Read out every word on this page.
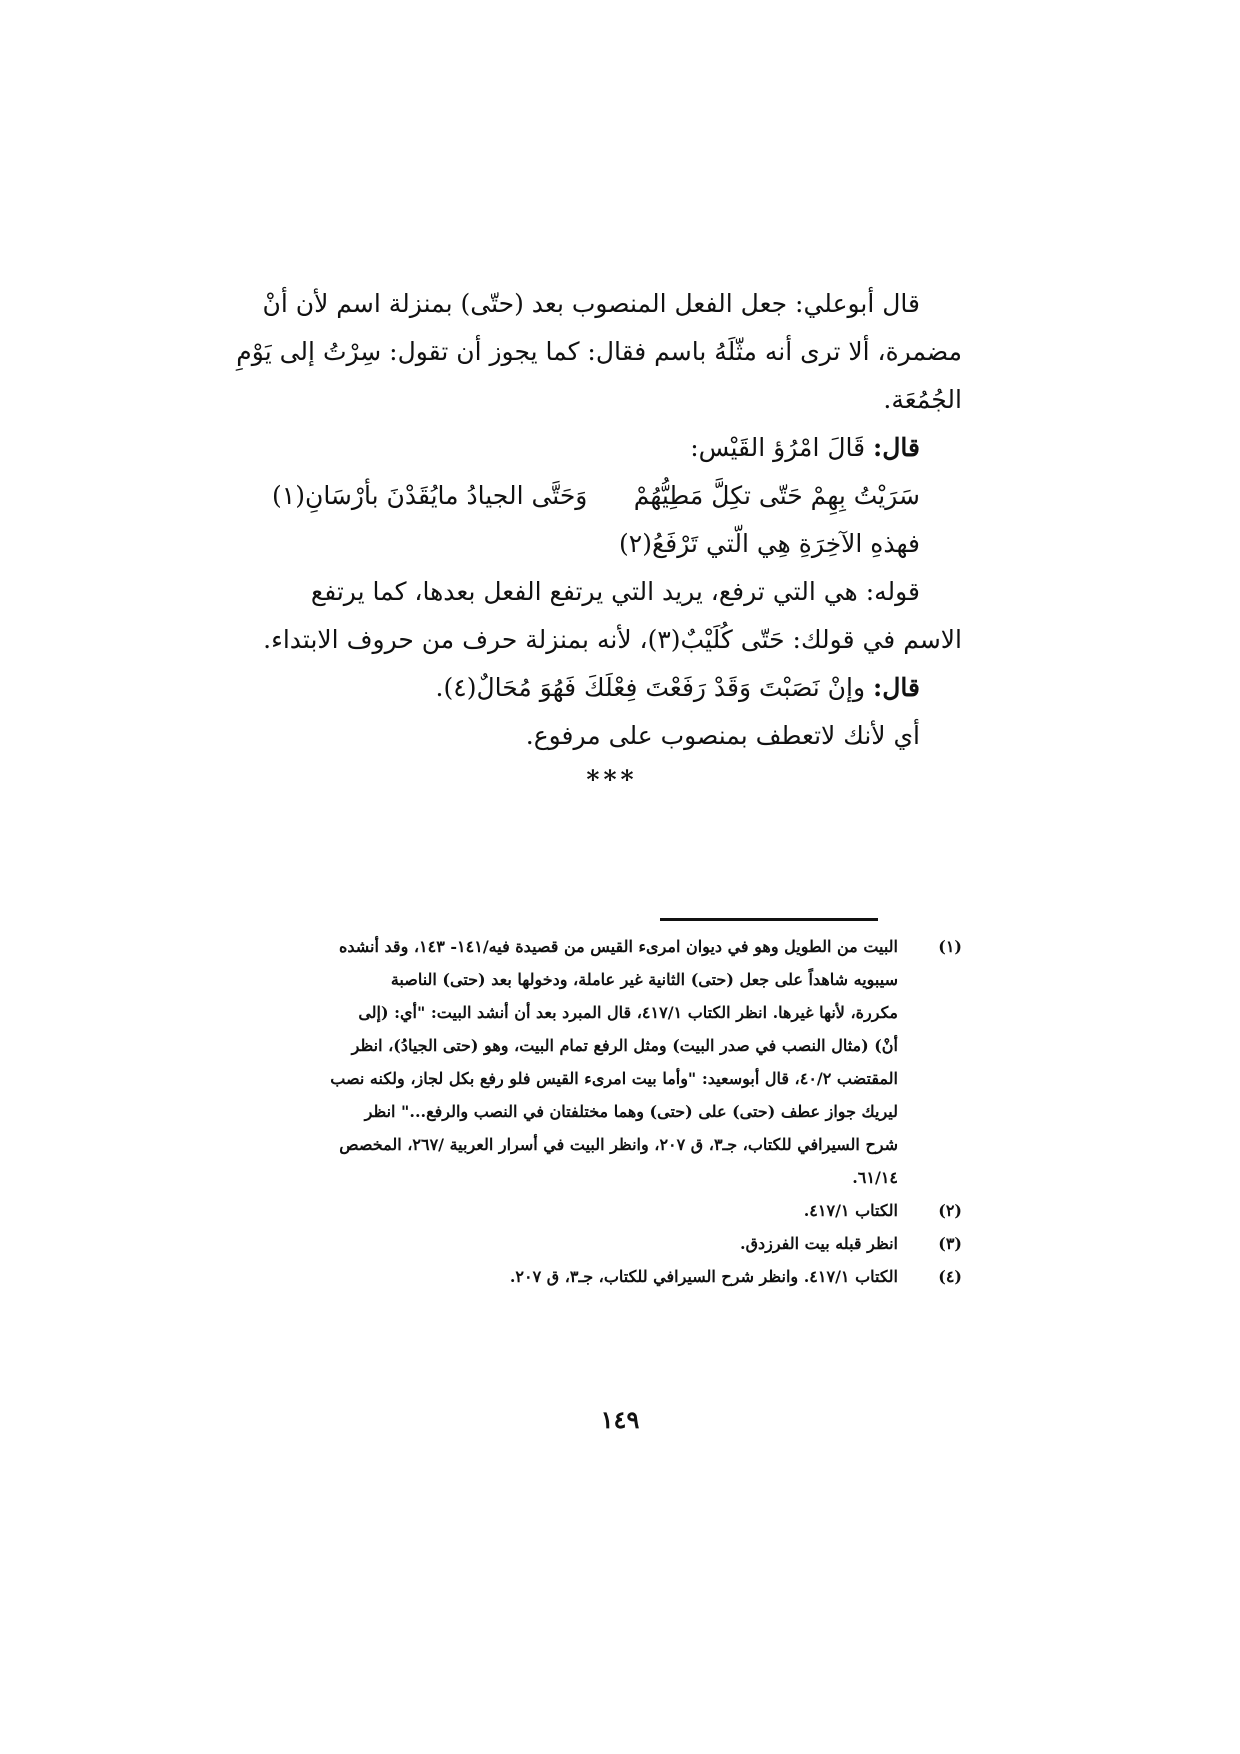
قال أبوعلي: جعل الفعل المنصوب بعد (حتّى) بمنزلة اسم لأن أنْ
مضمرة، ألا ترى أنه مثّلَهُ باسم فقال: كما يجوز أن تقول: سِرْتُ إلى يَوْمِ
الجُمُعَة.
قال: قَالَ امْرُؤ القَيْس:
سَرَيْتُ بِهِمْ حَتّى تكِلَّ مَطِيُّهُمْ
وَحَتَّى الجيادُ مايُقَدْنَ بأرْسَانِ(١)
فهذهِ الآخِرَةِ هِي الّتي تَرْفَعُ(٢)
قوله: هي التي ترفع، يريد التي يرتفع الفعل بعدها، كما يرتفع
الاسم في قولك: حَتّى كُلَيْبٌ(٣)، لأنه بمنزلة حرف من حروف الابتداء.
قال: وإنْ نَصَبْتَ وَقَدْ رَفَعْتَ فِعْلَكَ فَهُوَ مُحَالٌ(٤).
أي لأنك لاتعطف بمنصوب على مرفوع.
***
(١)
البيت من الطويل وهو في ديوان امرىء القيس من قصيدة فيه/١٤١- ١٤٣، وقد أنشده
سيبويه شاهداً على جعل (حتى) الثانية غير عاملة، ودخولها بعد (حتى) الناصبة
مكررة، لأنها غيرها. انظر الكتاب ٤١٧/١، قال المبرد بعد أن أنشد البيت: "أي: (إلى
أنْ) (مثال النصب في صدر البيت) ومثل الرفع تمام البيت، وهو (حتى الجيادُ)، انظر
المقتضب ٤٠/٢، قال أبوسعيد: "وأما بيت امرىء القيس فلو رفع بكل لجاز، ولكنه نصب
ليريك جواز عطف (حتى) على (حتى) وهما مختلفتان في النصب والرفع..." انظر
شرح السيرافي للكتاب، جـ٣، ق ٢٠٧، وانظر البيت في أسرار العربية /٢٦٧، المخصص
٦١/١٤.
(٢)
الكتاب ٤١٧/١.
(٣)
انظر قبله بيت الفرزدق.
(٤)
الكتاب ٤١٧/١. وانظر شرح السيرافي للكتاب، جـ٣، ق ٢٠٧.
١٤٩
